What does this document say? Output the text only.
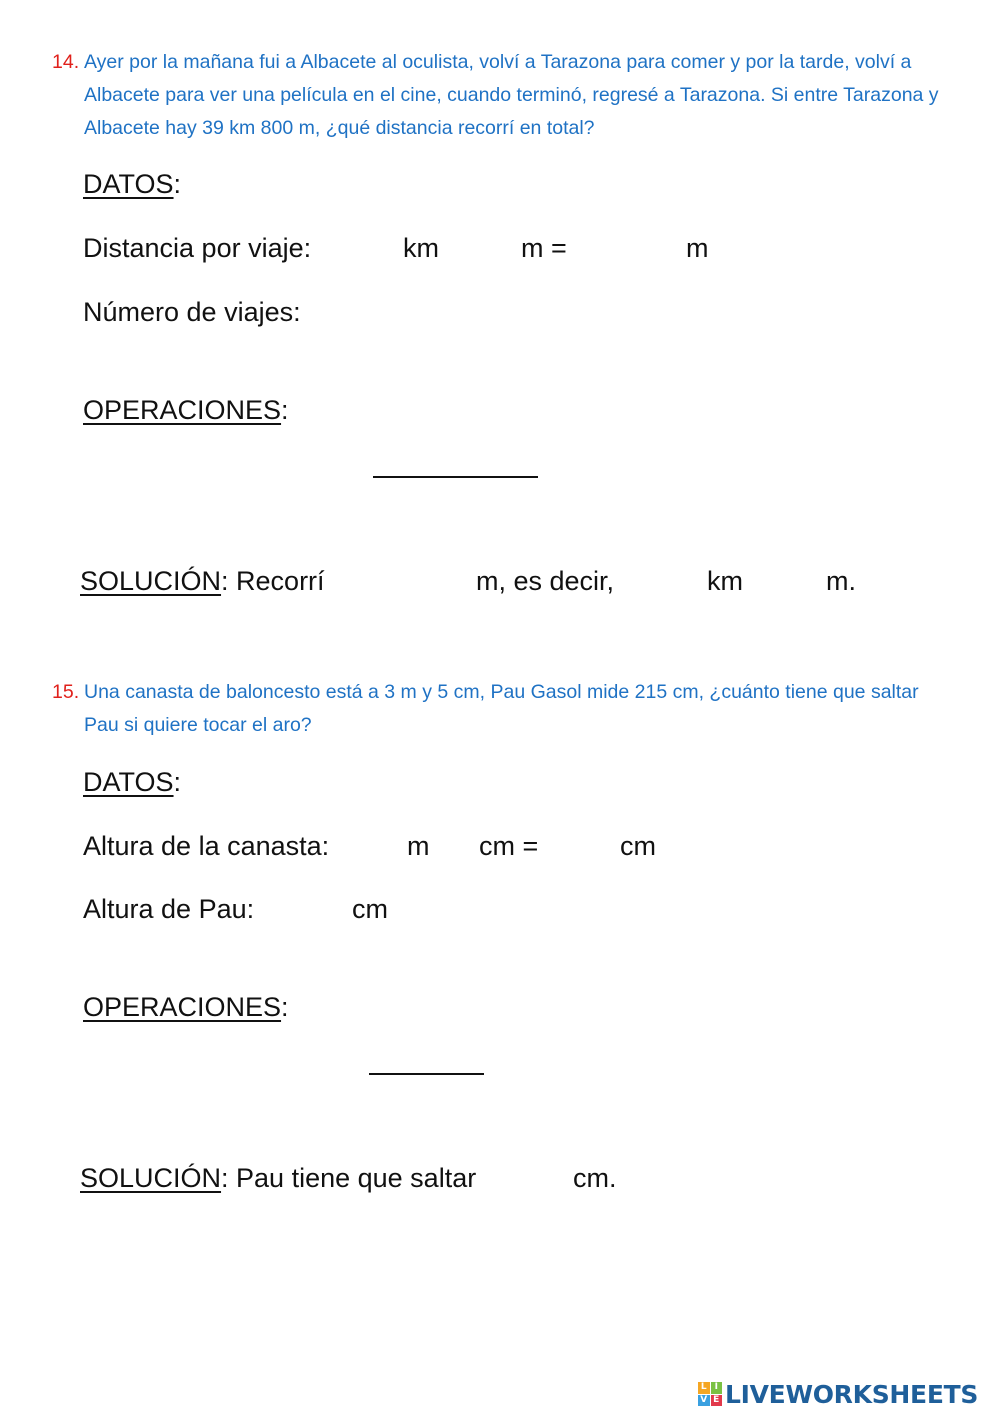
14. Ayer por la mañana fui a Albacete al oculista, volví a Tarazona para comer y por la tarde, volví a Albacete para ver una película en el cine, cuando terminó, regresé a Tarazona. Si entre Tarazona y Albacete hay 39 km 800 m, ¿qué distancia recorrí en total?
DATOS:
Distancia por viaje:	km	m =	m
Número de viajes:
OPERACIONES:
SOLUCIÓN: Recorrí	m, es decir,	km	m.
15. Una canasta de baloncesto está a 3 m y 5 cm, Pau Gasol mide 215 cm, ¿cuánto tiene que saltar Pau si quiere tocar el aro?
DATOS:
Altura de la canasta:	m cm =	cm
Altura de Pau:	cm
OPERACIONES:
SOLUCIÓN: Pau tiene que saltar	cm.
L I
V E LIVEWORKSHEETS
